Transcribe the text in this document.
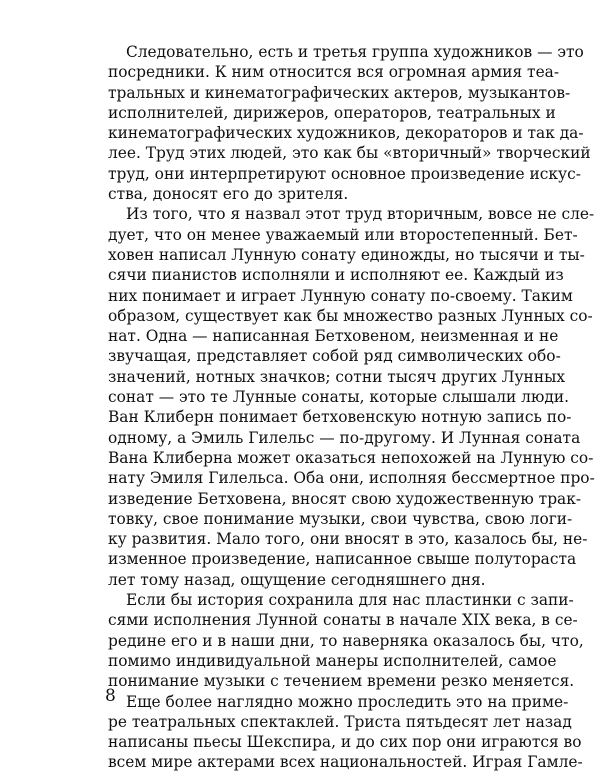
Следовательно, есть и третья группа художников — это
посредники. К ним относится вся огромная армия теа-
тральных и кинематографических актеров, музыкантов-
исполнителей, дирижеров, операторов, театральных и
кинематографических художников, декораторов и так да-
лее. Труд этих людей, это как бы «вторичный» творческий
труд, они интерпретируют основное произведение искус-
ства, доносят его до зрителя.
Из того, что я назвал этот труд вторичным, вовсе не сле-
дует, что он менее уважаемый или второстепенный. Бет-
ховен написал Лунную сонату единожды, но тысячи и ты-
сячи пианистов исполняли и исполняют ее. Каждый из
них понимает и играет Лунную сонату по-своему. Таким
образом, существует как бы множество разных Лунных со-
нат. Одна — написанная Бетховеном, неизменная и не
звучащая, представляет собой ряд символических обо-
значений, нотных значков; сотни тысяч других Лунных
сонат — это те Лунные сонаты, которые слышали люди.
Ван Клиберн понимает бетховенскую нотную запись по-
одному, а Эмиль Гилельс — по-другому. И Лунная соната
Вана Клиберна может оказаться непохожей на Лунную со-
нату Эмиля Гилельса. Оба они, исполняя бессмертное про-
изведение Бетховена, вносят свою художественную трак-
товку, свое понимание музыки, свои чувства, свою логи-
ку развития. Мало того, они вносят в это, казалось бы, не-
изменное произведение, написанное свыше полутораста
лет тому назад, ощущение сегодняшнего дня.
Если бы история сохранила для нас пластинки с запи-
сями исполнения Лунной сонаты в начале XIX века, в се-
редине его и в наши дни, то наверняка оказалось бы, что,
помимо индивидуальной манеры исполнителей, самое
понимание музыки с течением времени резко меняется.
Еще более наглядно можно проследить это на приме-
ре театральных спектаклей. Триста пятьдесят лет назад
написаны пьесы Шекспира, и до сих пор они играются во
всем мире актерами всех национальностей. Играя Гамле-
8
